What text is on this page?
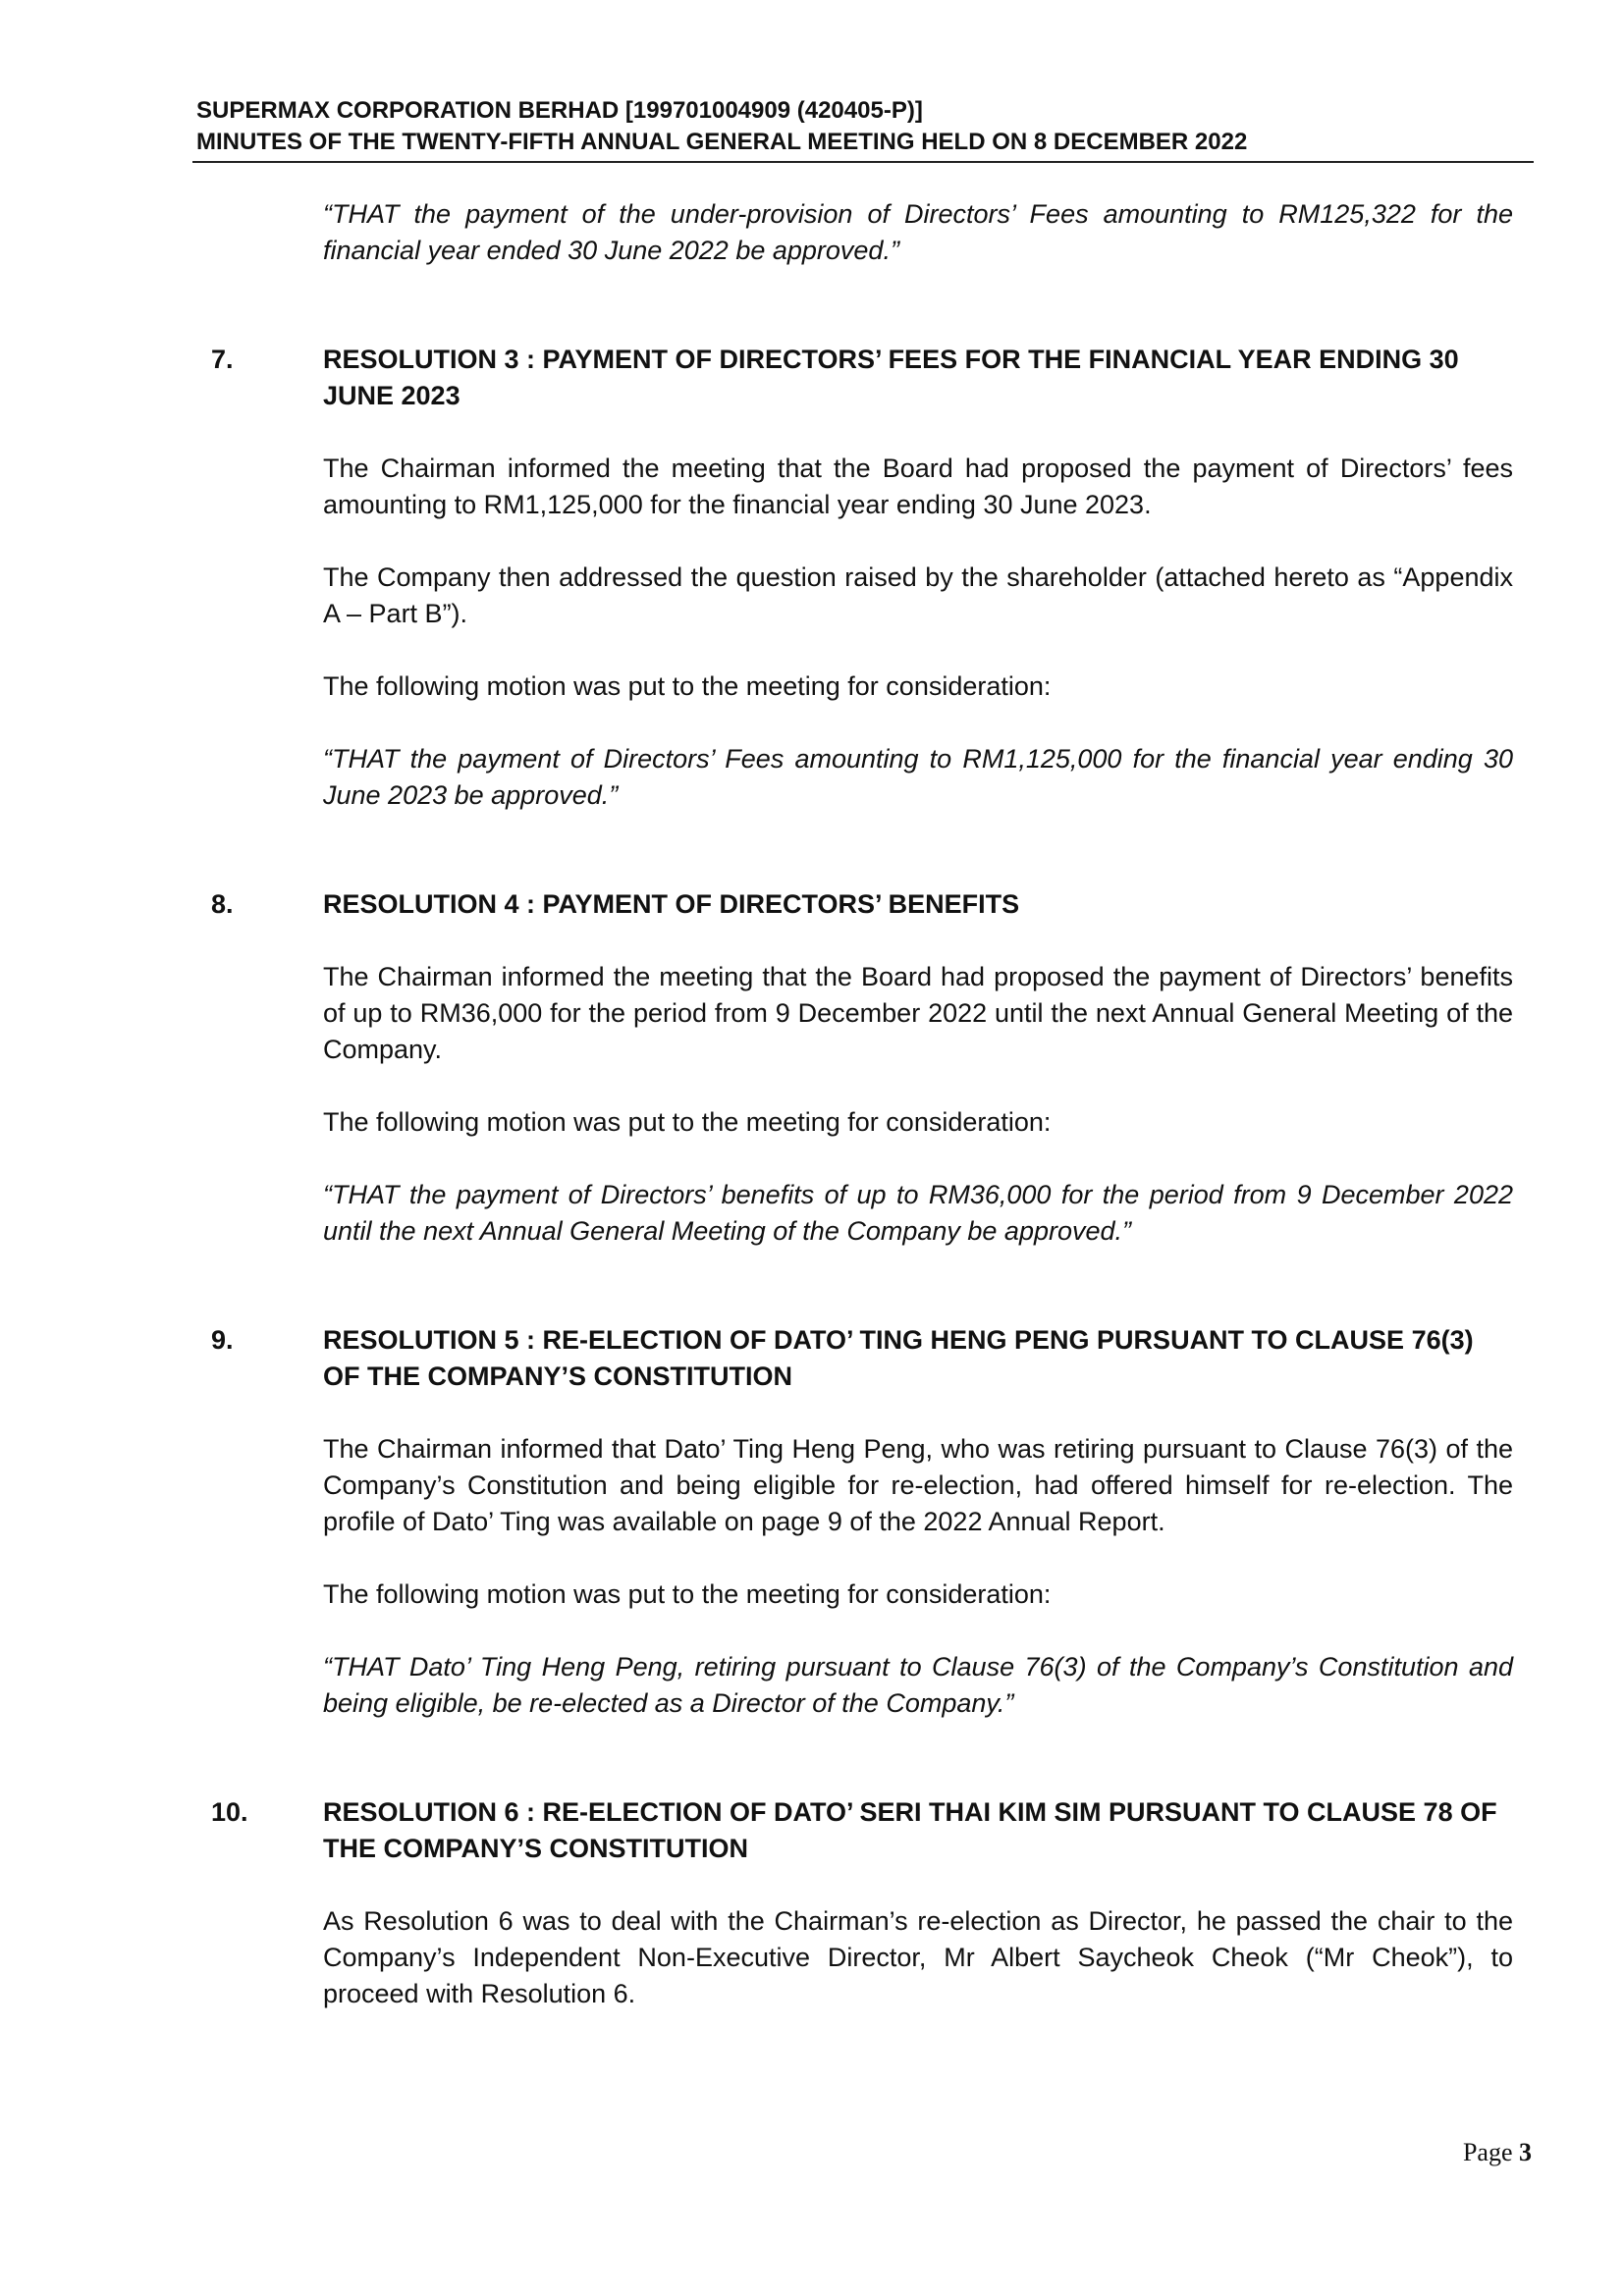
SUPERMAX CORPORATION BERHAD [199701004909 (420405-P)]
MINUTES OF THE TWENTY-FIFTH ANNUAL GENERAL MEETING HELD ON 8 DECEMBER 2022

“THAT the payment of the under-provision of Directors’ Fees amounting to RM125,322 for the financial year ended 30 June 2022 be approved.”

7.	RESOLUTION 3 : PAYMENT OF DIRECTORS’ FEES FOR THE FINANCIAL YEAR ENDING 30 JUNE 2023

The Chairman informed the meeting that the Board had proposed the payment of Directors’ fees amounting to RM1,125,000 for the financial year ending 30 June 2023.

The Company then addressed the question raised by the shareholder (attached hereto as “Appendix A – Part B”).

The following motion was put to the meeting for consideration:

“THAT the payment of Directors’ Fees amounting to RM1,125,000 for the financial year ending 30 June 2023 be approved.”

8.	RESOLUTION 4 : PAYMENT OF DIRECTORS’ BENEFITS

The Chairman informed the meeting that the Board had proposed the payment of Directors’ benefits of up to RM36,000 for the period from 9 December 2022 until the next Annual General Meeting of the Company.

The following motion was put to the meeting for consideration:

“THAT the payment of Directors’ benefits of up to RM36,000 for the period from 9 December 2022 until the next Annual General Meeting of the Company be approved.”

9.	RESOLUTION 5 : RE-ELECTION OF DATO’ TING HENG PENG PURSUANT TO CLAUSE 76(3) OF THE COMPANY’S CONSTITUTION

The Chairman informed that Dato’ Ting Heng Peng, who was retiring pursuant to Clause 76(3) of the Company’s Constitution and being eligible for re-election, had offered himself for re-election. The profile of Dato’ Ting was available on page 9 of the 2022 Annual Report.

The following motion was put to the meeting for consideration:

“THAT Dato’ Ting Heng Peng, retiring pursuant to Clause 76(3) of the Company’s Constitution and being eligible, be re-elected as a Director of the Company.”

10.	RESOLUTION 6 : RE-ELECTION OF DATO’ SERI THAI KIM SIM PURSUANT TO CLAUSE 78 OF THE COMPANY’S CONSTITUTION

As Resolution 6 was to deal with the Chairman’s re-election as Director, he passed the chair to the Company’s Independent Non-Executive Director, Mr Albert Saycheok Cheok (“Mr Cheok”), to proceed with Resolution 6.

Page 3
